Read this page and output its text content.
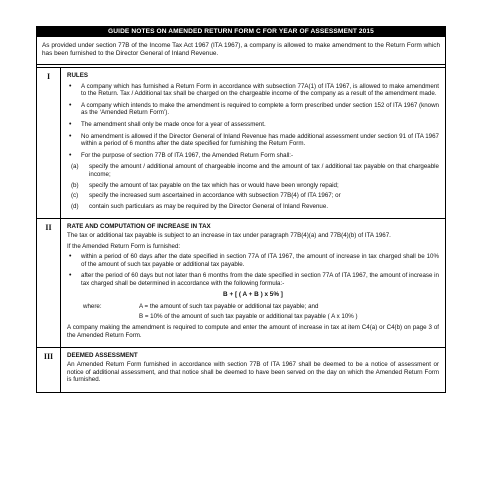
GUIDE NOTES ON AMENDED RETURN FORM C FOR YEAR OF ASSESSMENT 2015
As provided under section 77B of the Income Tax Act 1967 (ITA 1967), a company is allowed to make amendment to the Return Form which has been furnished to the Director General of Inland Revenue.
I	RULES
• A company which has furnished a Return Form in accordance with subsection 77A(1) of ITA 1967, is allowed to make amendment to the Return. Tax / Additional tax shall be charged on the chargeable income of the company as a result of the amendment made.
• A company which intends to make the amendment is required to complete a form prescribed under section 152 of ITA 1967 (known as the ‘Amended Return Form’).
• The amendment shall only be made once for a year of assessment.
• No amendment is allowed if the Director General of Inland Revenue has made additional assessment under section 91 of ITA 1967 within a period of 6 months after the date specified for furnishing the Return Form.
• For the purpose of section 77B of ITA 1967, the Amended Return Form shall:-
(a)	specify the amount / additional amount of chargeable income and the amount of tax / additional tax payable on that chargeable income;
(b)	specify the amount of tax payable on the tax which has or would have been wrongly repaid;
(c)	specify the increased sum ascertained in accordance with subsection 77B(4) of ITA 1967; or
(d)	contain such particulars as may be required by the Director General of Inland Revenue.
II	RATE AND COMPUTATION OF INCREASE IN TAX

The tax or additional tax payable is subject to an increase in tax under paragraph 77B(4)(a) and 77B(4)(b) of ITA 1967.

If the Amended Return Form is furnished:

• within a period of 60 days after the date specified in section 77A of ITA 1967, the amount of increase in tax charged shall be 10% of the amount of such tax payable or additional tax payable.
• after the period of 60 days but not later than 6 months from the date specified in section 77A of ITA 1967, the amount of increase in tax charged shall be determined in accordance with the following formula:-
B + [ ( A + B ) x 5% ]
where:	A = the amount of such tax payable or additional tax payable; and
B = 10% of the amount of such tax payable or additional tax payable ( A x 10% )

A company making the amendment is required to compute and enter the amount of increase in tax at item C4(a) or C4(b) on page 3 of the Amended Return Form.

III	DEEMED ASSESSMENT

An Amended Return Form furnished in accordance with section 77B of ITA 1967 shall be deemed to be a notice of assessment or notice of additional assessment, and that notice shall be deemed to have been served on the day on which the Amended Return Form is furnished.
